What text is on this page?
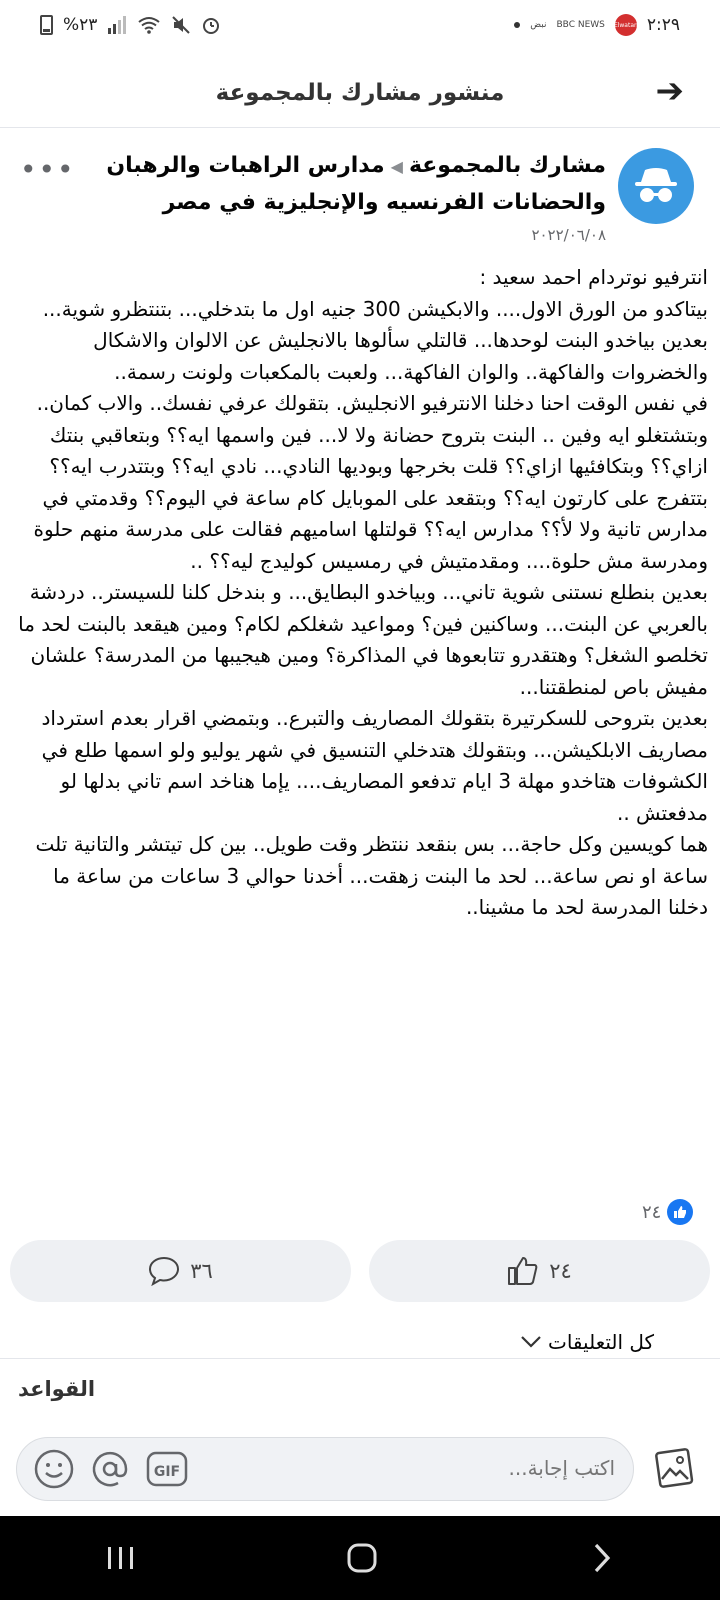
%٢٣	نبض BBC NEWS Elwatan ٢:٢٩
منشور مشارك بالمجموعة	➔
مشارك بالمجموعة◀مدارس الراهبات والرهبان والحضانات الفرنسيه والإنجليزية في مصر
٢٠٢٢/٠٦/٠٨
•••

انترفيو نوتردام احمد سعيد :

بيتاكدو من الورق الاول.... والابكيشن 300 جنيه اول ما بتدخلي... بتنتظرو شوية... بعدين بياخدو البنت لوحدها... قالتلي سألوها بالانجليش عن الالوان والاشكال والخضروات والفاكهة.. والوان الفاكهة... ولعبت بالمكعبات ولونت رسمة..

في نفس الوقت احنا دخلنا الانترفيو الانجليش. بتقولك عرفي نفسك.. والاب كمان.. وبتشتغلو ايه وفين .. البنت بتروح حضانة ولا لا... فين واسمها ايه؟؟ وبتعاقبي بنتك ازاي؟؟ وبتكافئيها ازاي؟؟ قلت بخرجها وبوديها النادي... نادي ايه؟؟ وبتتدرب ايه؟؟ بتتفرج على كارتون ايه؟؟ وبتقعد على الموبايل كام ساعة في اليوم؟؟ وقدمتي في مدارس تانية ولا لأ؟؟ مدارس ايه؟؟ قولتلها اساميهم فقالت على مدرسة منهم حلوة ومدرسة مش حلوة.... ومقدمتيش في رمسيس كوليدج ليه؟؟ ..

بعدين بنطلع نستنى شوية تاني... وبياخدو البطايق... و بندخل كلنا للسيستر.. دردشة بالعربي عن البنت... وساكنين فين؟ ومواعيد شغلكم لكام؟ ومين هيقعد بالبنت لحد ما تخلصو الشغل؟ وهتقدرو تتابعوها في المذاكرة؟ ومين هيجيبها من المدرسة؟ علشان مفيش باص لمنطقتنا...

بعدين بتروحى للسكرتيرة بتقولك المصاريف والتبرع.. وبتمضي اقرار بعدم استرداد مصاريف الابلكيشن... وبتقولك هتدخلي التنسيق في شهر يوليو ولو اسمها طلع في الكشوفات هتاخدو مهلة 3 ايام تدفعو المصاريف.... يإما هناخد اسم تاني بدلها لو مدفعتش ..

هما كويسين وكل حاجة... بس بنقعد ننتظر وقت طويل.. بين كل تيتشر والتانية تلت ساعة او نص ساعة... لحد ما البنت زهقت... أخدنا حوالي 3 ساعات من ساعة ما دخلنا المدرسة لحد ما مشينا..

٢٤
٣٦	٢٤
كل التعليقات
القواعد
GIF
اكتب إجابة...
